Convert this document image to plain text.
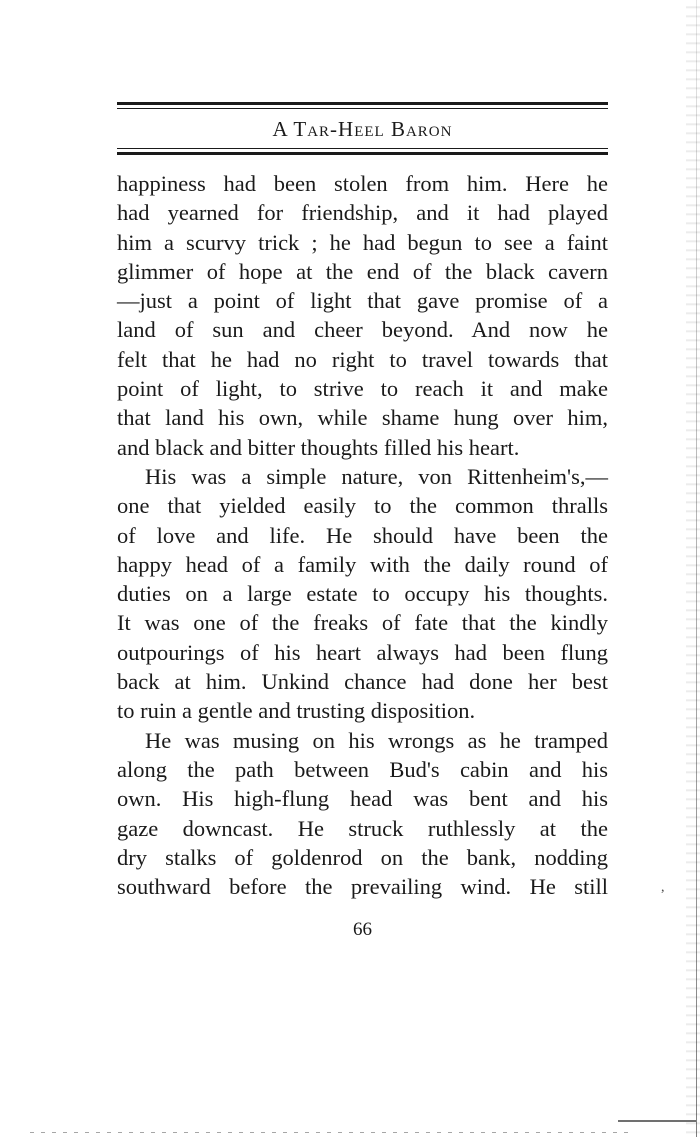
A Tar-Heel Baron
happiness had been stolen from him. Here he
had yearned for friendship, and it had played
him a scurvy trick ; he had begun to see a faint
glimmer of hope at the end of the black cavern
—just a point of light that gave promise of a
land of sun and cheer beyond. And now he
felt that he had no right to travel towards that
point of light, to strive to reach it and make
that land his own, while shame hung over him,
and black and bitter thoughts filled his heart.
His was a simple nature, von Rittenheim's,—
one that yielded easily to the common thralls
of love and life. He should have been the
happy head of a family with the daily round of
duties on a large estate to occupy his thoughts.
It was one of the freaks of fate that the kindly
outpourings of his heart always had been flung
back at him. Unkind chance had done her best
to ruin a gentle and trusting disposition.
He was musing on his wrongs as he tramped
along the path between Bud's cabin and his
own. His high-flung head was bent and his
gaze downcast. He struck ruthlessly at the
dry stalks of goldenrod on the bank, nodding
southward before the prevailing wind. He still
66
,
